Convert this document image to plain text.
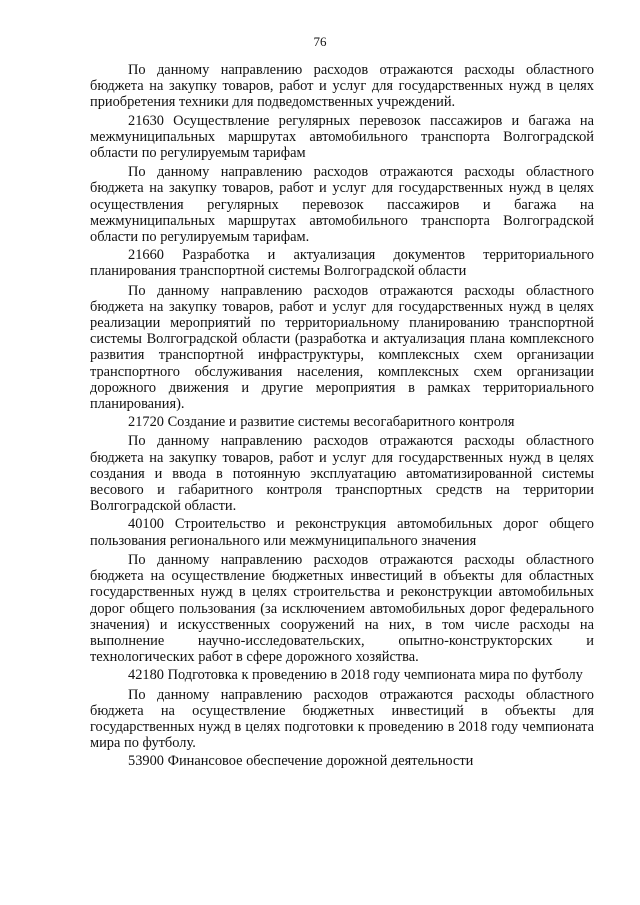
76

По данному направлению расходов отражаются расходы областного бюджета на закупку товаров, работ и услуг для государственных нужд в целях приобретения техники для подведомственных учреждений.

21630 Осуществление регулярных перевозок пассажиров и багажа на межмуниципальных маршрутах автомобильного транспорта Волгоградской области по регулируемым тарифам

По данному направлению расходов отражаются расходы областного бюджета на закупку товаров, работ и услуг для государственных нужд в целях осуществления регулярных перевозок пассажиров и багажа на межмуниципальных маршрутах автомобильного транспорта Волгоградской области по регулируемым тарифам.

21660 Разработка и актуализация документов территориального планирования транспортной системы Волгоградской области

По данному направлению расходов отражаются расходы областного бюджета на закупку товаров, работ и услуг для государственных нужд в целях реализации мероприятий по территориальному планированию транспортной системы Волгоградской области (разработка и актуализация плана комплексного развития транспортной инфраструктуры, комплексных схем организации транспортного обслуживания населения, комплексных схем организации дорожного движения и другие мероприятия в рамках территориального планирования).

21720 Создание и развитие системы весогабаритного контроля

По данному направлению расходов отражаются расходы областного бюджета на закупку товаров, работ и услуг для государственных нужд в целях создания и ввода в потоянную эксплуатацию автоматизированной системы весового и габаритного контроля транспортных средств на территории Волгоградской области.

40100 Строительство и реконструкция автомобильных дорог общего пользования регионального или межмуниципального значения

По данному направлению расходов отражаются расходы областного бюджета на осуществление бюджетных инвестиций в объекты для областных государственных нужд в целях строительства и реконструкции автомобильных дорог общего пользования (за исключением автомобильных дорог федерального значения) и искусственных сооружений на них, в том числе расходы на выполнение научно-исследовательских, опытно-конструкторских и технологических работ в сфере дорожного хозяйства.

42180 Подготовка к проведению в 2018 году чемпионата мира по футболу

По данному направлению расходов отражаются расходы областного бюджета на осуществление бюджетных инвестиций в объекты для государственных нужд в целях подготовки к проведению в 2018 году чемпионата мира по футболу.

53900 Финансовое обеспечение дорожной деятельности
